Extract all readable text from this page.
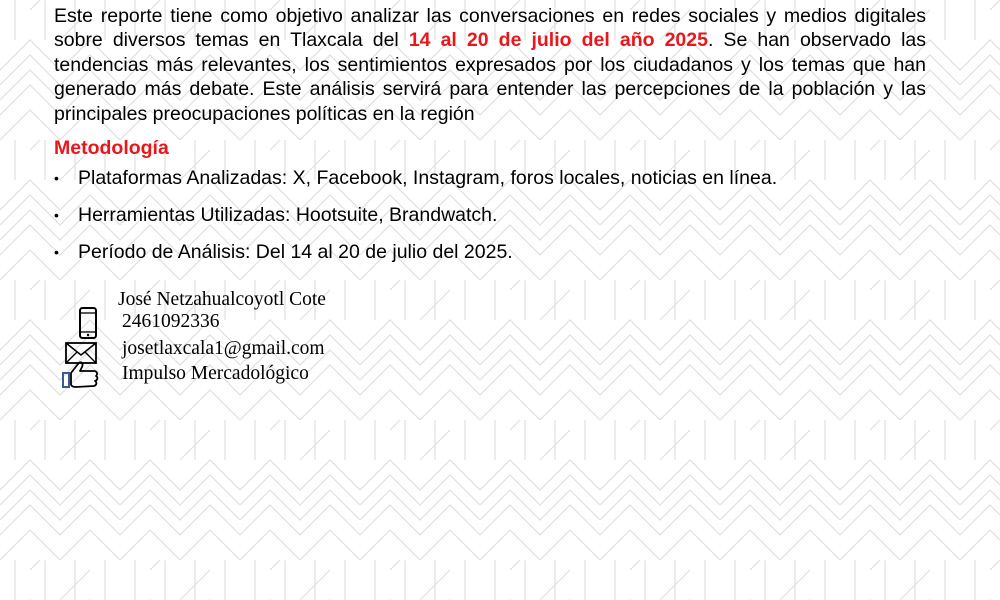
Este reporte tiene como objetivo analizar las conversaciones en redes sociales y medios digitales sobre diversos temas en Tlaxcala del 14 al 20 de julio del año 2025. Se han observado las tendencias más relevantes, los sentimientos expresados por los ciudadanos y los temas que han generado más debate. Este análisis servirá para entender las percepciones de la población y las principales preocupaciones políticas en la región

Metodología
• Plataformas Analizadas: X, Facebook, Instagram, foros locales, noticias en línea.
• Herramientas Utilizadas: Hootsuite, Brandwatch.
• Período de Análisis: Del 14 al 20 de julio del 2025.
José Netzahualcoyotl Cote
2461092336
josetlaxcala1@gmail.com
Impulso Mercadológico
